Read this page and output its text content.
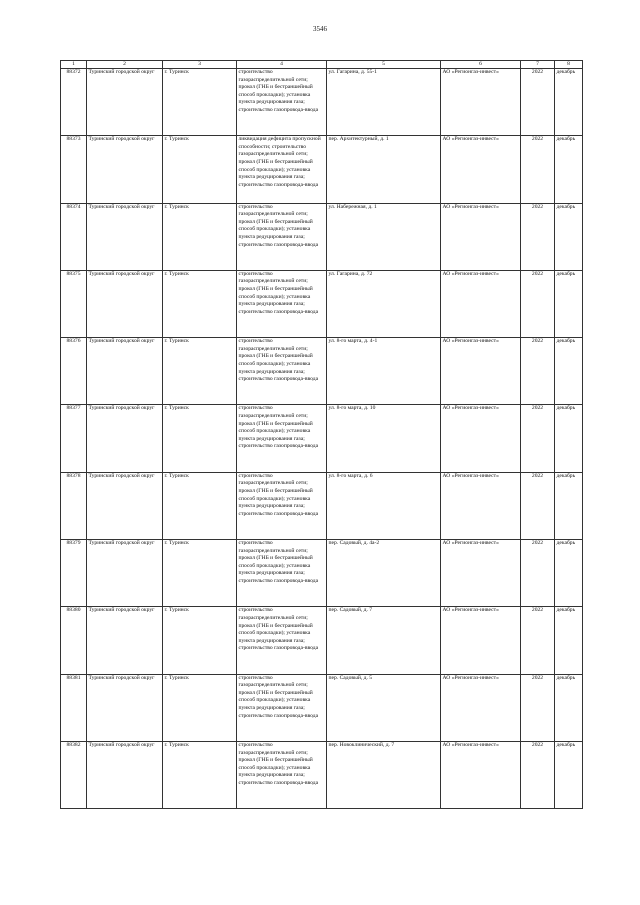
3546
1	2	3	4	5	6	7	8
88372	Туринский городской округ	г. Туринск	строительство газораспределительной сети; прокол (ГНБ и бестраншейный способ прокладки); установка пункта редуцирования газа; строительство газопровода-ввода	ул. Гагарина, д. 55-1	АО «Регионгаз-инвест»	2022	декабрь
88373	Туринский городской округ	г. Туринск	ликвидация дефицита пропускной способности; строительство газораспределительной сети; прокол (ГНБ и бестраншейный способ прокладки); установка пункта редуцирования газа; строительство газопровода-ввода	пер. Архитектурный, д. 1	АО «Регионгаз-инвест»	2022	декабрь
88374	Туринский городской округ	г. Туринск	строительство газораспределительной сети; прокол (ГНБ и бестраншейный способ прокладки); установка пункта редуцирования газа; строительство газопровода-ввода	ул. Набережная, д. 1	АО «Регионгаз-инвест»	2022	декабрь
88375	Туринский городской округ	г. Туринск	строительство газораспределительной сети; прокол (ГНБ и бестраншейный способ прокладки); установка пункта редуцирования газа; строительство газопровода-ввода	ул. Гагарина, д. 72	АО «Регионгаз-инвест»	2022	декабрь
88376	Туринский городской округ	г. Туринск	строительство газораспределительной сети; прокол (ГНБ и бестраншейный способ прокладки); установка пункта редуцирования газа; строительство газопровода-ввода	ул. 8-го марта, д. 4-1	АО «Регионгаз-инвест»	2022	декабрь
88377	Туринский городской округ	г. Туринск	строительство газораспределительной сети; прокол (ГНБ и бестраншейный способ прокладки); установка пункта редуцирования газа; строительство газопровода-ввода	ул. 8-го марта, д. 10	АО «Регионгаз-инвест»	2022	декабрь
88378	Туринский городской округ	г. Туринск	строительство газораспределительной сети; прокол (ГНБ и бестраншейный способ прокладки); установка пункта редуцирования газа; строительство газопровода-ввода	ул. 8-го марта, д. 6	АО «Регионгаз-инвест»	2022	декабрь
88379	Туринский городской округ	г. Туринск	строительство газораспределительной сети; прокол (ГНБ и бестраншейный способ прокладки); установка пункта редуцирования газа; строительство газопровода-ввода	пер. Садовый, д. 4а-2	АО «Регионгаз-инвест»	2022	декабрь
88380	Туринский городской округ	г. Туринск	строительство газораспределительной сети; прокол (ГНБ и бестраншейный способ прокладки); установка пункта редуцирования газа; строительство газопровода-ввода	пер. Садовый, д. 7	АО «Регионгаз-инвест»	2022	декабрь
88381	Туринский городской округ	г. Туринск	строительство газораспределительной сети; прокол (ГНБ и бестраншейный способ прокладки); установка пункта редуцирования газа; строительство газопровода-ввода	пер. Садовый, д. 5	АО «Регионгаз-инвест»	2022	декабрь
88382	Туринский городской округ	г. Туринск	строительство газораспределительной сети; прокол (ГНБ и бестраншейный способ прокладки); установка пункта редуцирования газа; строительство газопровода-ввода	пер. Новоклинический, д. 7	АО «Регионгаз-инвест»	2022	декабрь
